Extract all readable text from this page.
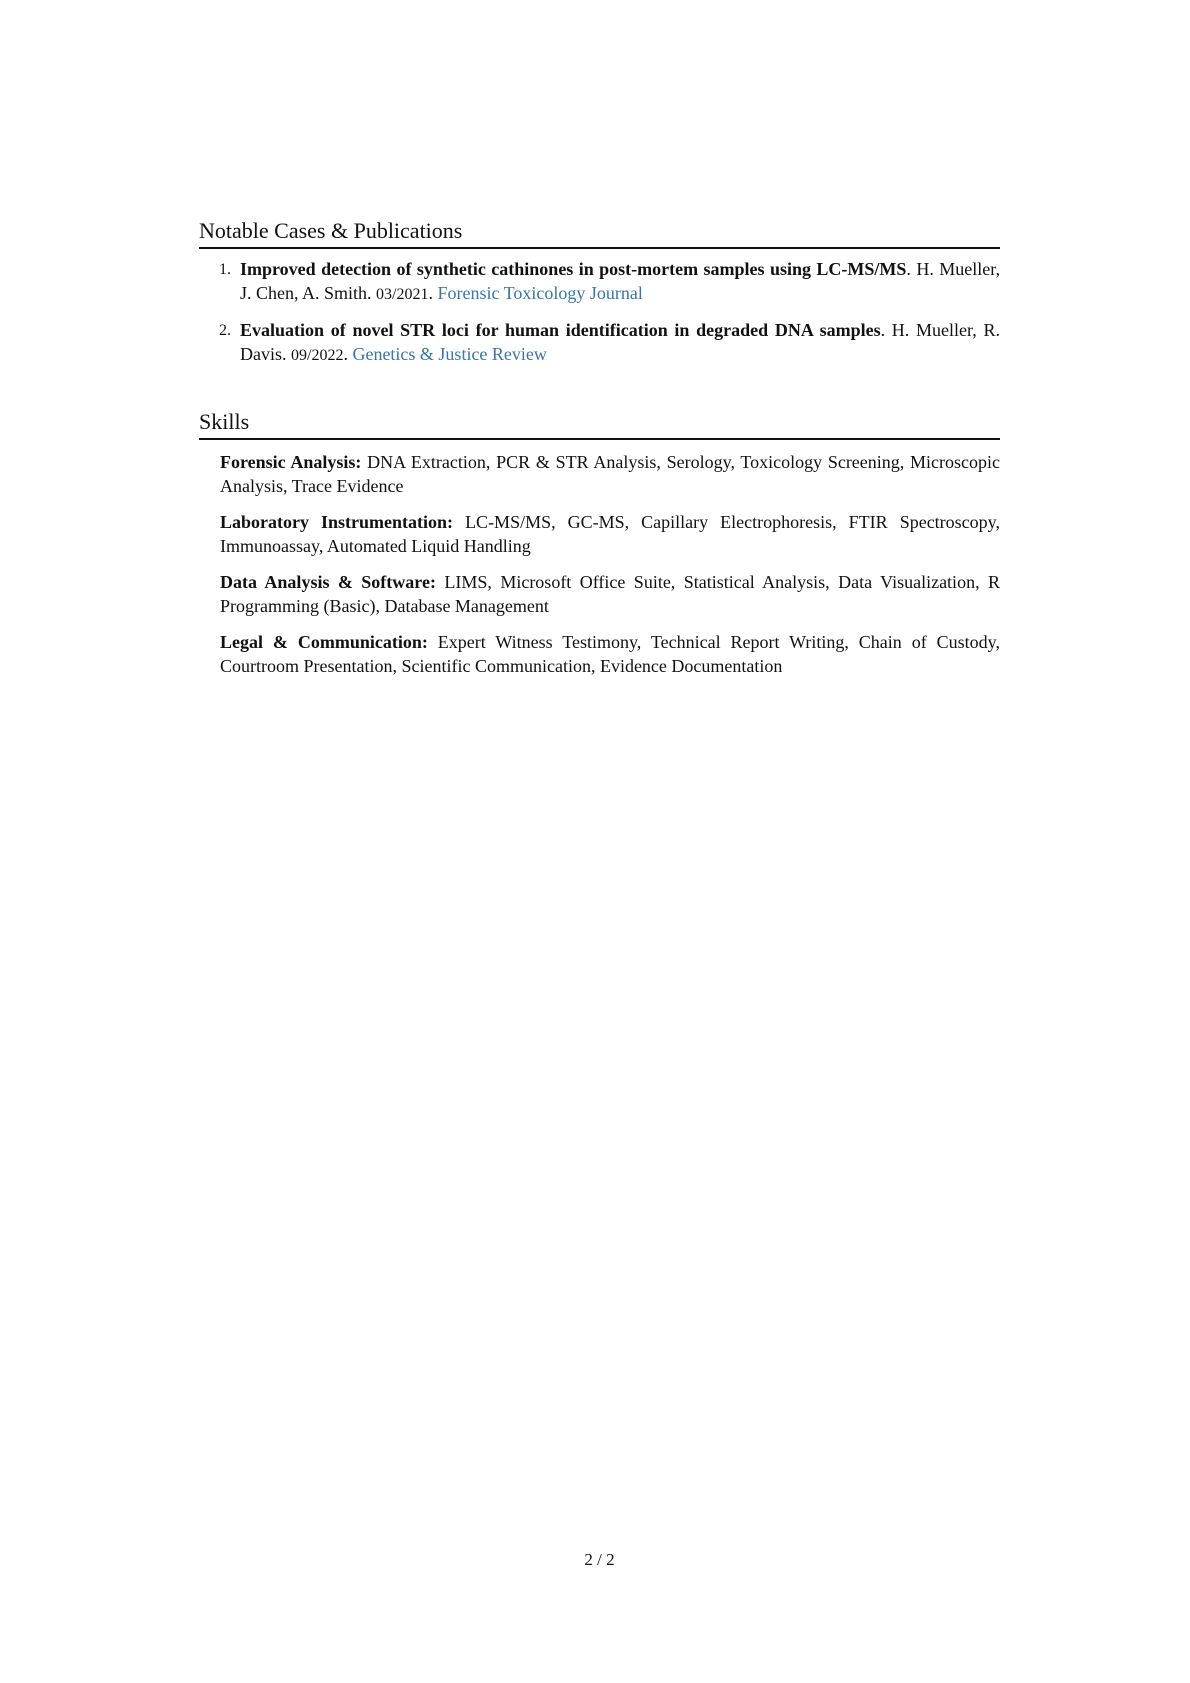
Notable Cases & Publications
1. Improved detection of synthetic cathinones in post-mortem samples using LC-MS/MS. H. Mueller, J. Chen, A. Smith. 03/2021. Forensic Toxicology Journal
2. Evaluation of novel STR loci for human identification in degraded DNA samples. H. Mueller, R. Davis. 09/2022. Genetics & Justice Review
Skills
Forensic Analysis: DNA Extraction, PCR & STR Analysis, Serology, Toxicology Screening, Microscopic Analysis, Trace Evidence
Laboratory Instrumentation: LC-MS/MS, GC-MS, Capillary Electrophoresis, FTIR Spectroscopy, Immunoassay, Automated Liquid Handling
Data Analysis & Software: LIMS, Microsoft Office Suite, Statistical Analysis, Data Visualization, R Programming (Basic), Database Management
Legal & Communication: Expert Witness Testimony, Technical Report Writing, Chain of Custody, Courtroom Presentation, Scientific Communication, Evidence Documentation
2 / 2
